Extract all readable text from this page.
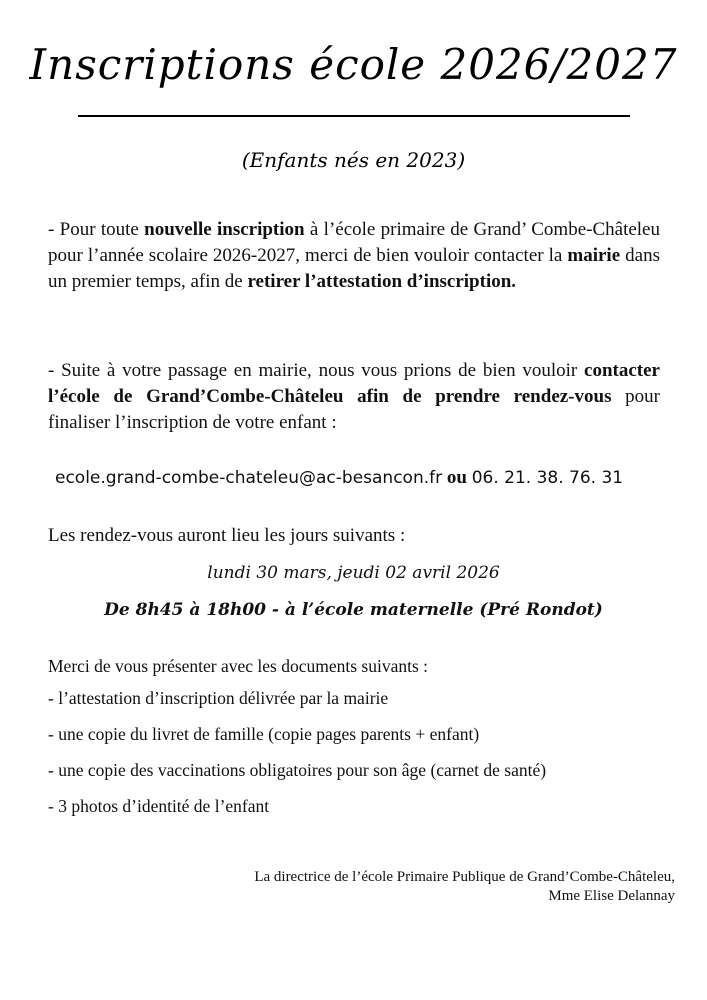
Inscriptions école 2026/2027
(Enfants nés en 2023)
- Pour toute nouvelle inscription à l’école primaire de Grand’ Combe-Châteleu pour l’année scolaire 2026-2027, merci de bien vouloir contacter la mairie dans un premier temps, afin de retirer l’attestation d’inscription.
- Suite à votre passage en mairie, nous vous prions de bien vouloir contacter l’école de Grand’Combe-Châteleu afin de prendre rendez-vous pour finaliser l’inscription de votre enfant :
ecole.grand-combe-chateleu@ac-besancon.fr ou 06. 21. 38. 76. 31
Les rendez-vous auront lieu les jours suivants :
lundi 30 mars, jeudi 02 avril 2026
De 8h45 à 18h00 - à l’école maternelle (Pré Rondot)
Merci de vous présenter avec les documents suivants :
- l’attestation d’inscription délivrée par la mairie
- une copie du livret de famille (copie pages parents + enfant)
- une copie des vaccinations obligatoires pour son âge (carnet de santé)
- 3 photos d’identité de l’enfant
La directrice de l’école Primaire Publique de Grand’Combe-Châteleu,
Mme Elise Delannay
